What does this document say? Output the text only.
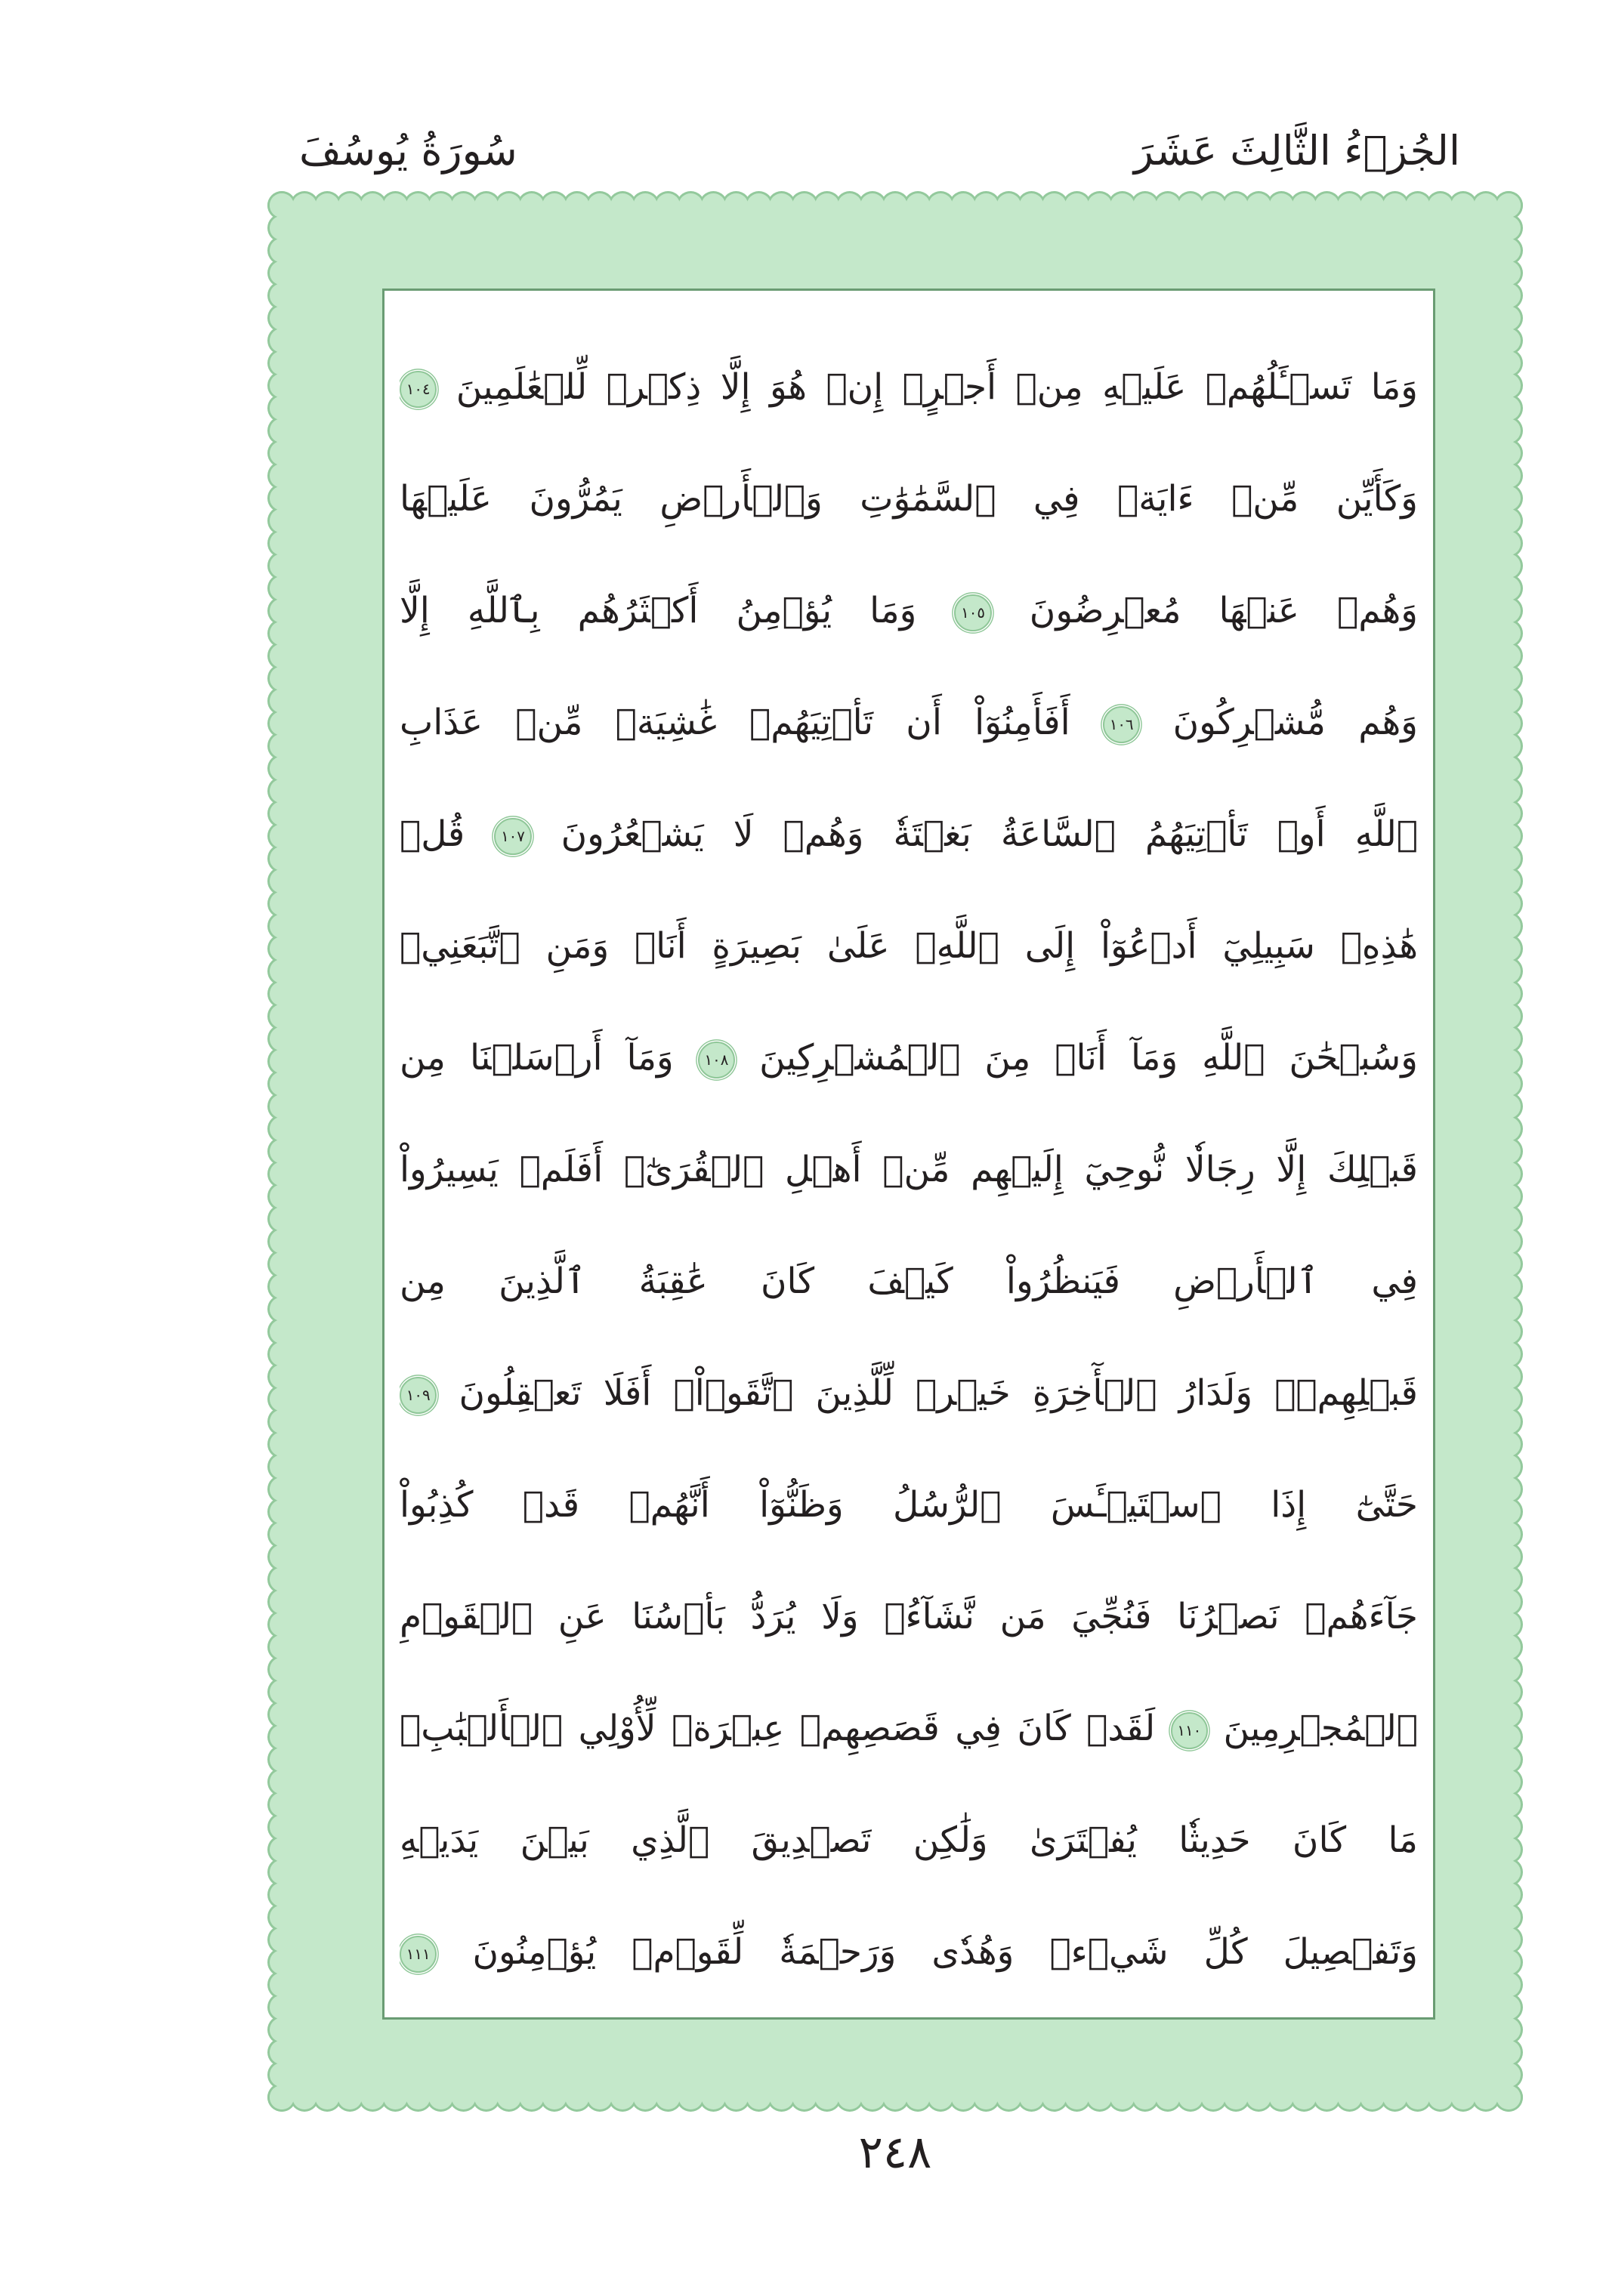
الجُزۡءُ الثَّالِثَ عَشَرَ
سُورَةُ يُوسُفَ
وَمَا تَسۡـَٔلُهُمۡ عَلَيۡهِ مِنۡ أَجۡرٍۚ إِنۡ هُوَ إِلَّا ذِكۡرٞ لِّلۡعَٰلَمِينَ
١٠٤
وَكَأَيِّن مِّنۡ ءَايَةٖ فِي ٱلسَّمَٰوَٰتِ وَٱلۡأَرۡضِ يَمُرُّونَ عَلَيۡهَا
وَهُمۡ عَنۡهَا مُعۡرِضُونَ
١٠٥
وَمَا يُؤۡمِنُ أَكۡثَرُهُم بِٱللَّهِ إِلَّا
وَهُم مُّشۡرِكُونَ
١٠٦
أَفَأَمِنُوٓاْ أَن تَأۡتِيَهُمۡ غَٰشِيَةٞ مِّنۡ عَذَابِ
ٱللَّهِ أَوۡ تَأۡتِيَهُمُ ٱلسَّاعَةُ بَغۡتَةٗ وَهُمۡ لَا يَشۡعُرُونَ
١٠٧
قُلۡ
هَٰذِهِۦ سَبِيلِيٓ أَدۡعُوٓاْ إِلَى ٱللَّهِۚ عَلَىٰ بَصِيرَةٍ أَنَا۠ وَمَنِ ٱتَّبَعَنِيۖ
وَسُبۡحَٰنَ ٱللَّهِ وَمَآ أَنَا۠ مِنَ ٱلۡمُشۡرِكِينَ
١٠٨
وَمَآ أَرۡسَلۡنَا مِن
قَبۡلِكَ إِلَّا رِجَالٗا نُّوحِيٓ إِلَيۡهِم مِّنۡ أَهۡلِ ٱلۡقُرَىٰٓۗ أَفَلَمۡ يَسِيرُواْ
فِي ٱلۡأَرۡضِ فَيَنظُرُواْ كَيۡفَ كَانَ عَٰقِبَةُ ٱلَّذِينَ مِن
قَبۡلِهِمۡۗ وَلَدَارُ ٱلۡأٓخِرَةِ خَيۡرٞ لِّلَّذِينَ ٱتَّقَوۡاْۚ أَفَلَا تَعۡقِلُونَ
١٠٩
حَتَّىٰٓ إِذَا ٱسۡتَيۡـَٔسَ ٱلرُّسُلُ وَظَنُّوٓاْ أَنَّهُمۡ قَدۡ كُذِبُواْ
جَآءَهُمۡ نَصۡرُنَا فَنُجِّيَ مَن نَّشَآءُۖ وَلَا يُرَدُّ بَأۡسُنَا عَنِ ٱلۡقَوۡمِ
ٱلۡمُجۡرِمِينَ
١١٠
لَقَدۡ كَانَ فِي قَصَصِهِمۡ عِبۡرَةٞ لِّأُوْلِي ٱلۡأَلۡبَٰبِۗ
مَا كَانَ حَدِيثٗا يُفۡتَرَىٰ وَلَٰكِن تَصۡدِيقَ ٱلَّذِي بَيۡنَ يَدَيۡهِ
وَتَفۡصِيلَ كُلِّ شَيۡءٖ وَهُدٗى وَرَحۡمَةٗ لِّقَوۡمٖ يُؤۡمِنُونَ
١١١
٢٤٨
